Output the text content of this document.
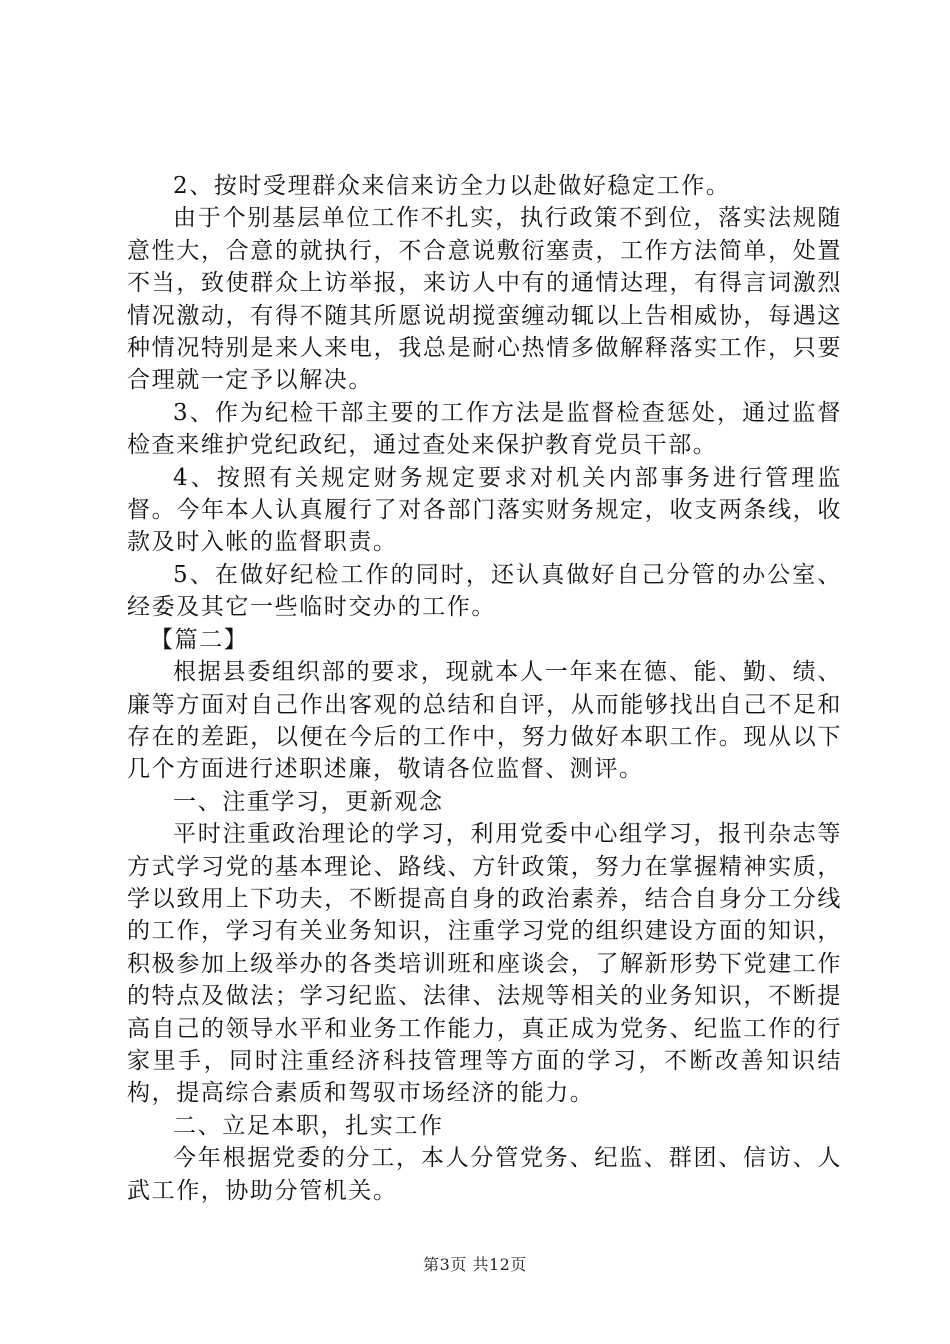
2、按时受理群众来信来访全力以赴做好稳定工作。

由于个别基层单位工作不扎实，执行政策不到位，落实法规随意性大，合意的就执行，不合意说敷衍塞责，工作方法简单，处置不当，致使群众上访举报，来访人中有的通情达理，有得言词激烈情况激动，有得不随其所愿说胡搅蛮缠动辄以上告相威协，每遇这种情况特别是来人来电，我总是耐心热情多做解释落实工作，只要合理就一定予以解决。

3、作为纪检干部主要的工作方法是监督检查惩处，通过监督检查来维护党纪政纪，通过查处来保护教育党员干部。

4、按照有关规定财务规定要求对机关内部事务进行管理监督。今年本人认真履行了对各部门落实财务规定，收支两条线，收款及时入帐的监督职责。

5、在做好纪检工作的同时，还认真做好自己分管的办公室、经委及其它一些临时交办的工作。

【篇二】

根据县委组织部的要求，现就本人一年来在德、能、勤、绩、廉等方面对自己作出客观的总结和自评，从而能够找出自己不足和存在的差距，以便在今后的工作中，努力做好本职工作。现从以下几个方面进行述职述廉，敬请各位监督、测评。

一、注重学习，更新观念

平时注重政治理论的学习，利用党委中心组学习，报刊杂志等方式学习党的基本理论、路线、方针政策，努力在掌握精神实质，学以致用上下功夫，不断提高自身的政治素养，结合自身分工分线的工作，学习有关业务知识，注重学习党的组织建设方面的知识，积极参加上级举办的各类培训班和座谈会，了解新形势下党建工作的特点及做法；学习纪监、法律、法规等相关的业务知识，不断提高自己的领导水平和业务工作能力，真正成为党务、纪监工作的行家里手，同时注重经济科技管理等方面的学习，不断改善知识结构，提高综合素质和驾驭市场经济的能力。

二、立足本职，扎实工作

今年根据党委的分工，本人分管党务、纪监、群团、信访、人武工作，协助分管机关。

第3页 共12页
